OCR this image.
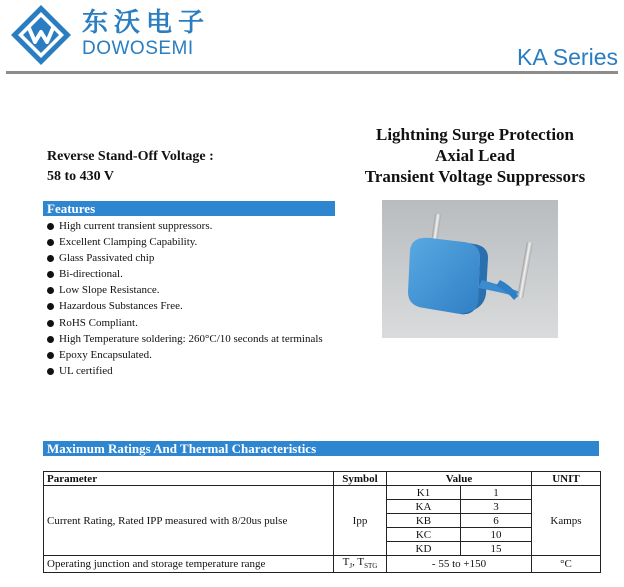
东沃电子
DOWOSEMI	KA Series
Lightning Surge Protection
Axial Lead
Transient Voltage Suppressors
Reverse Stand-Off Voltage :
58 to 430 V
Features
High current transient suppressors.
Excellent Clamping Capability.
Glass Passivated chip
Bi-directional.
Low Slope Resistance.
Hazardous Substances Free.
RoHS Compliant.
High Temperature soldering: 260°C/10 seconds at terminals
Epoxy Encapsulated.
UL certified
Maximum Ratings And Thermal Characteristics
Parameter	Symbol	Value		UNIT
Current Rating, Rated IPP measured with 8/20us pulse	Ipp	K1	1	Kamps
		KA	3	
		KB	6	
		KC	10	
		KD	15	
Operating junction and storage temperature range	$T_J$, $T_{STG}$	- 55 to +150		°C
